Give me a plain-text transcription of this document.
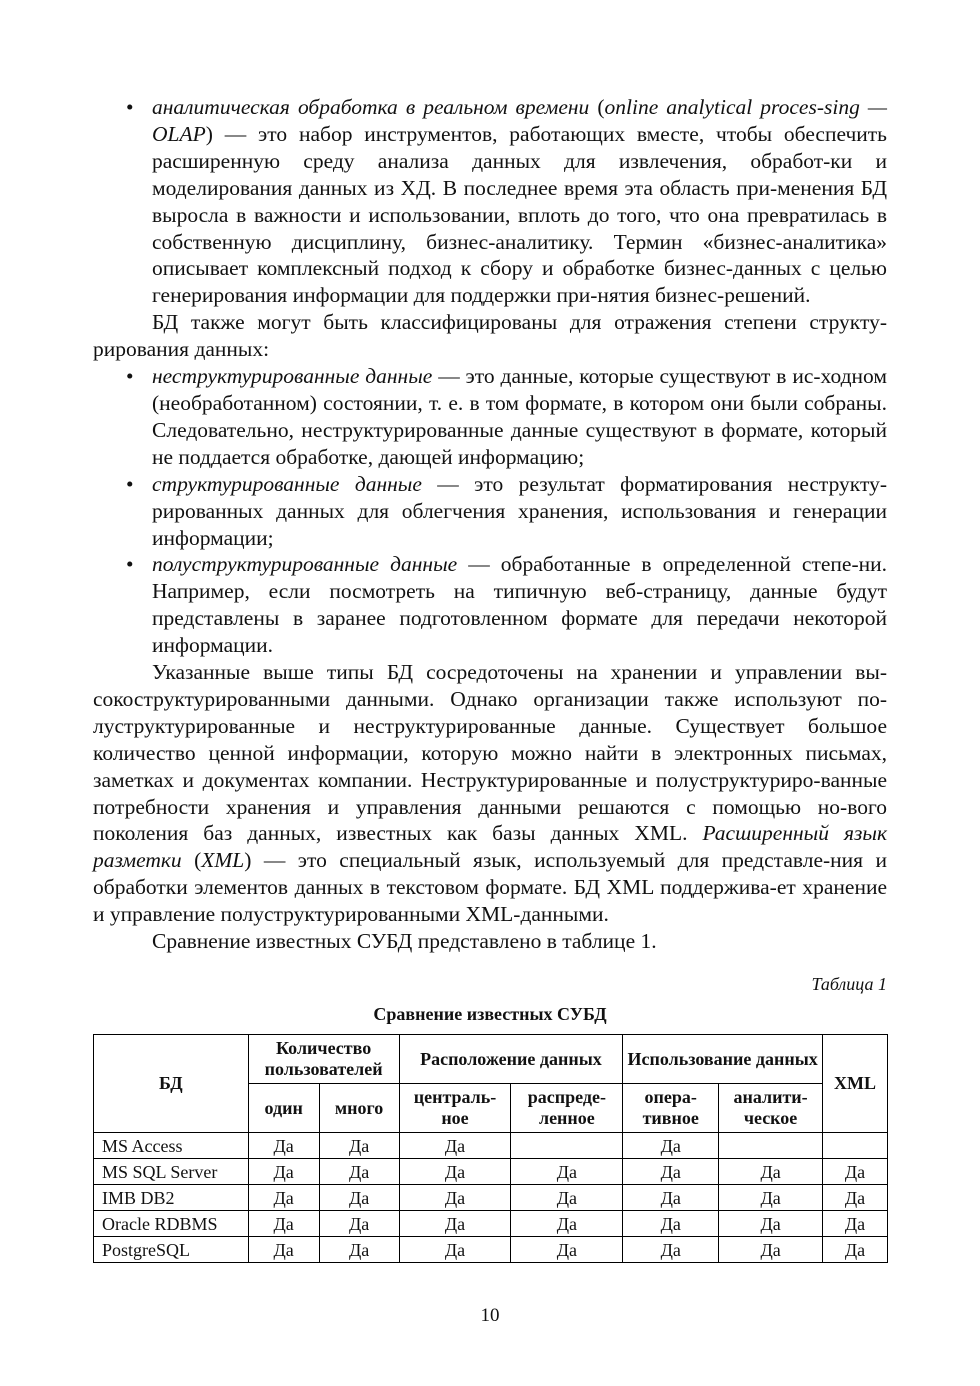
• аналитическая обработка в реальном времени (online analytical proces-sing — OLAP) — это набор инструментов, работающих вместе, чтобы обеспечить расширенную среду анализа данных для извлечения, обработ-ки и моделирования данных из ХД. В последнее время эта область при-менения БД выросла в важности и использовании, вплоть до того, что она превратилась в собственную дисциплину, бизнес-аналитику. Термин «бизнес-аналитика» описывает комплексный подход к сбору и обработке бизнес-данных с целью генерирования информации для поддержки при-нятия бизнес-решений.

БД также могут быть классифицированы для отражения степени структу-рирования данных:

• неструктурированные данные — это данные, которые существуют в ис-ходном (необработанном) состоянии, т. е. в том формате, в котором они были собраны. Следовательно, неструктурированные данные существуют в формате, который не поддается обработке, дающей информацию;

• структурированные данные — это результат форматирования неструкту-рированных данных для облегчения хранения, использования и генерации информации;

• полуструктурированные данные — обработанные в определенной степе-ни. Например, если посмотреть на типичную веб-страницу, данные будут представлены в заранее подготовленном формате для передачи некоторой информации.

Указанные выше типы БД сосредоточены на хранении и управлении вы-сокоструктурированными данными. Однако организации также используют по-луструктурированные и неструктурированные данные. Существует большое количество ценной информации, которую можно найти в электронных письмах, заметках и документах компании. Неструктурированные и полуструктуриро-ванные потребности хранения и управления данными решаются с помощью но-вого поколения баз данных, известных как базы данных XML. Расширенный язык разметки (XML) — это специальный язык, используемый для представле-ния и обработки элементов данных в текстовом формате. БД XML поддержива-ет хранение и управление полуструктурированными XML-данными.

Сравнение известных СУБД представлено в таблице 1.

Таблица 1
Сравнение известных СУБД
БД	Количество пользователей		Расположение данных		Использование данных		XML
	один	много	централь-ное	распреде-ленное	опера-тивное	аналити-ческое	
MS Access	Да	Да	Да		Да		
MS SQL Server	Да	Да	Да	Да	Да	Да	Да
IMB DB2	Да	Да	Да	Да	Да	Да	Да
Oracle RDBMS	Да	Да	Да	Да	Да	Да	Да
PostgreSQL	Да	Да	Да	Да	Да	Да	Да
10
